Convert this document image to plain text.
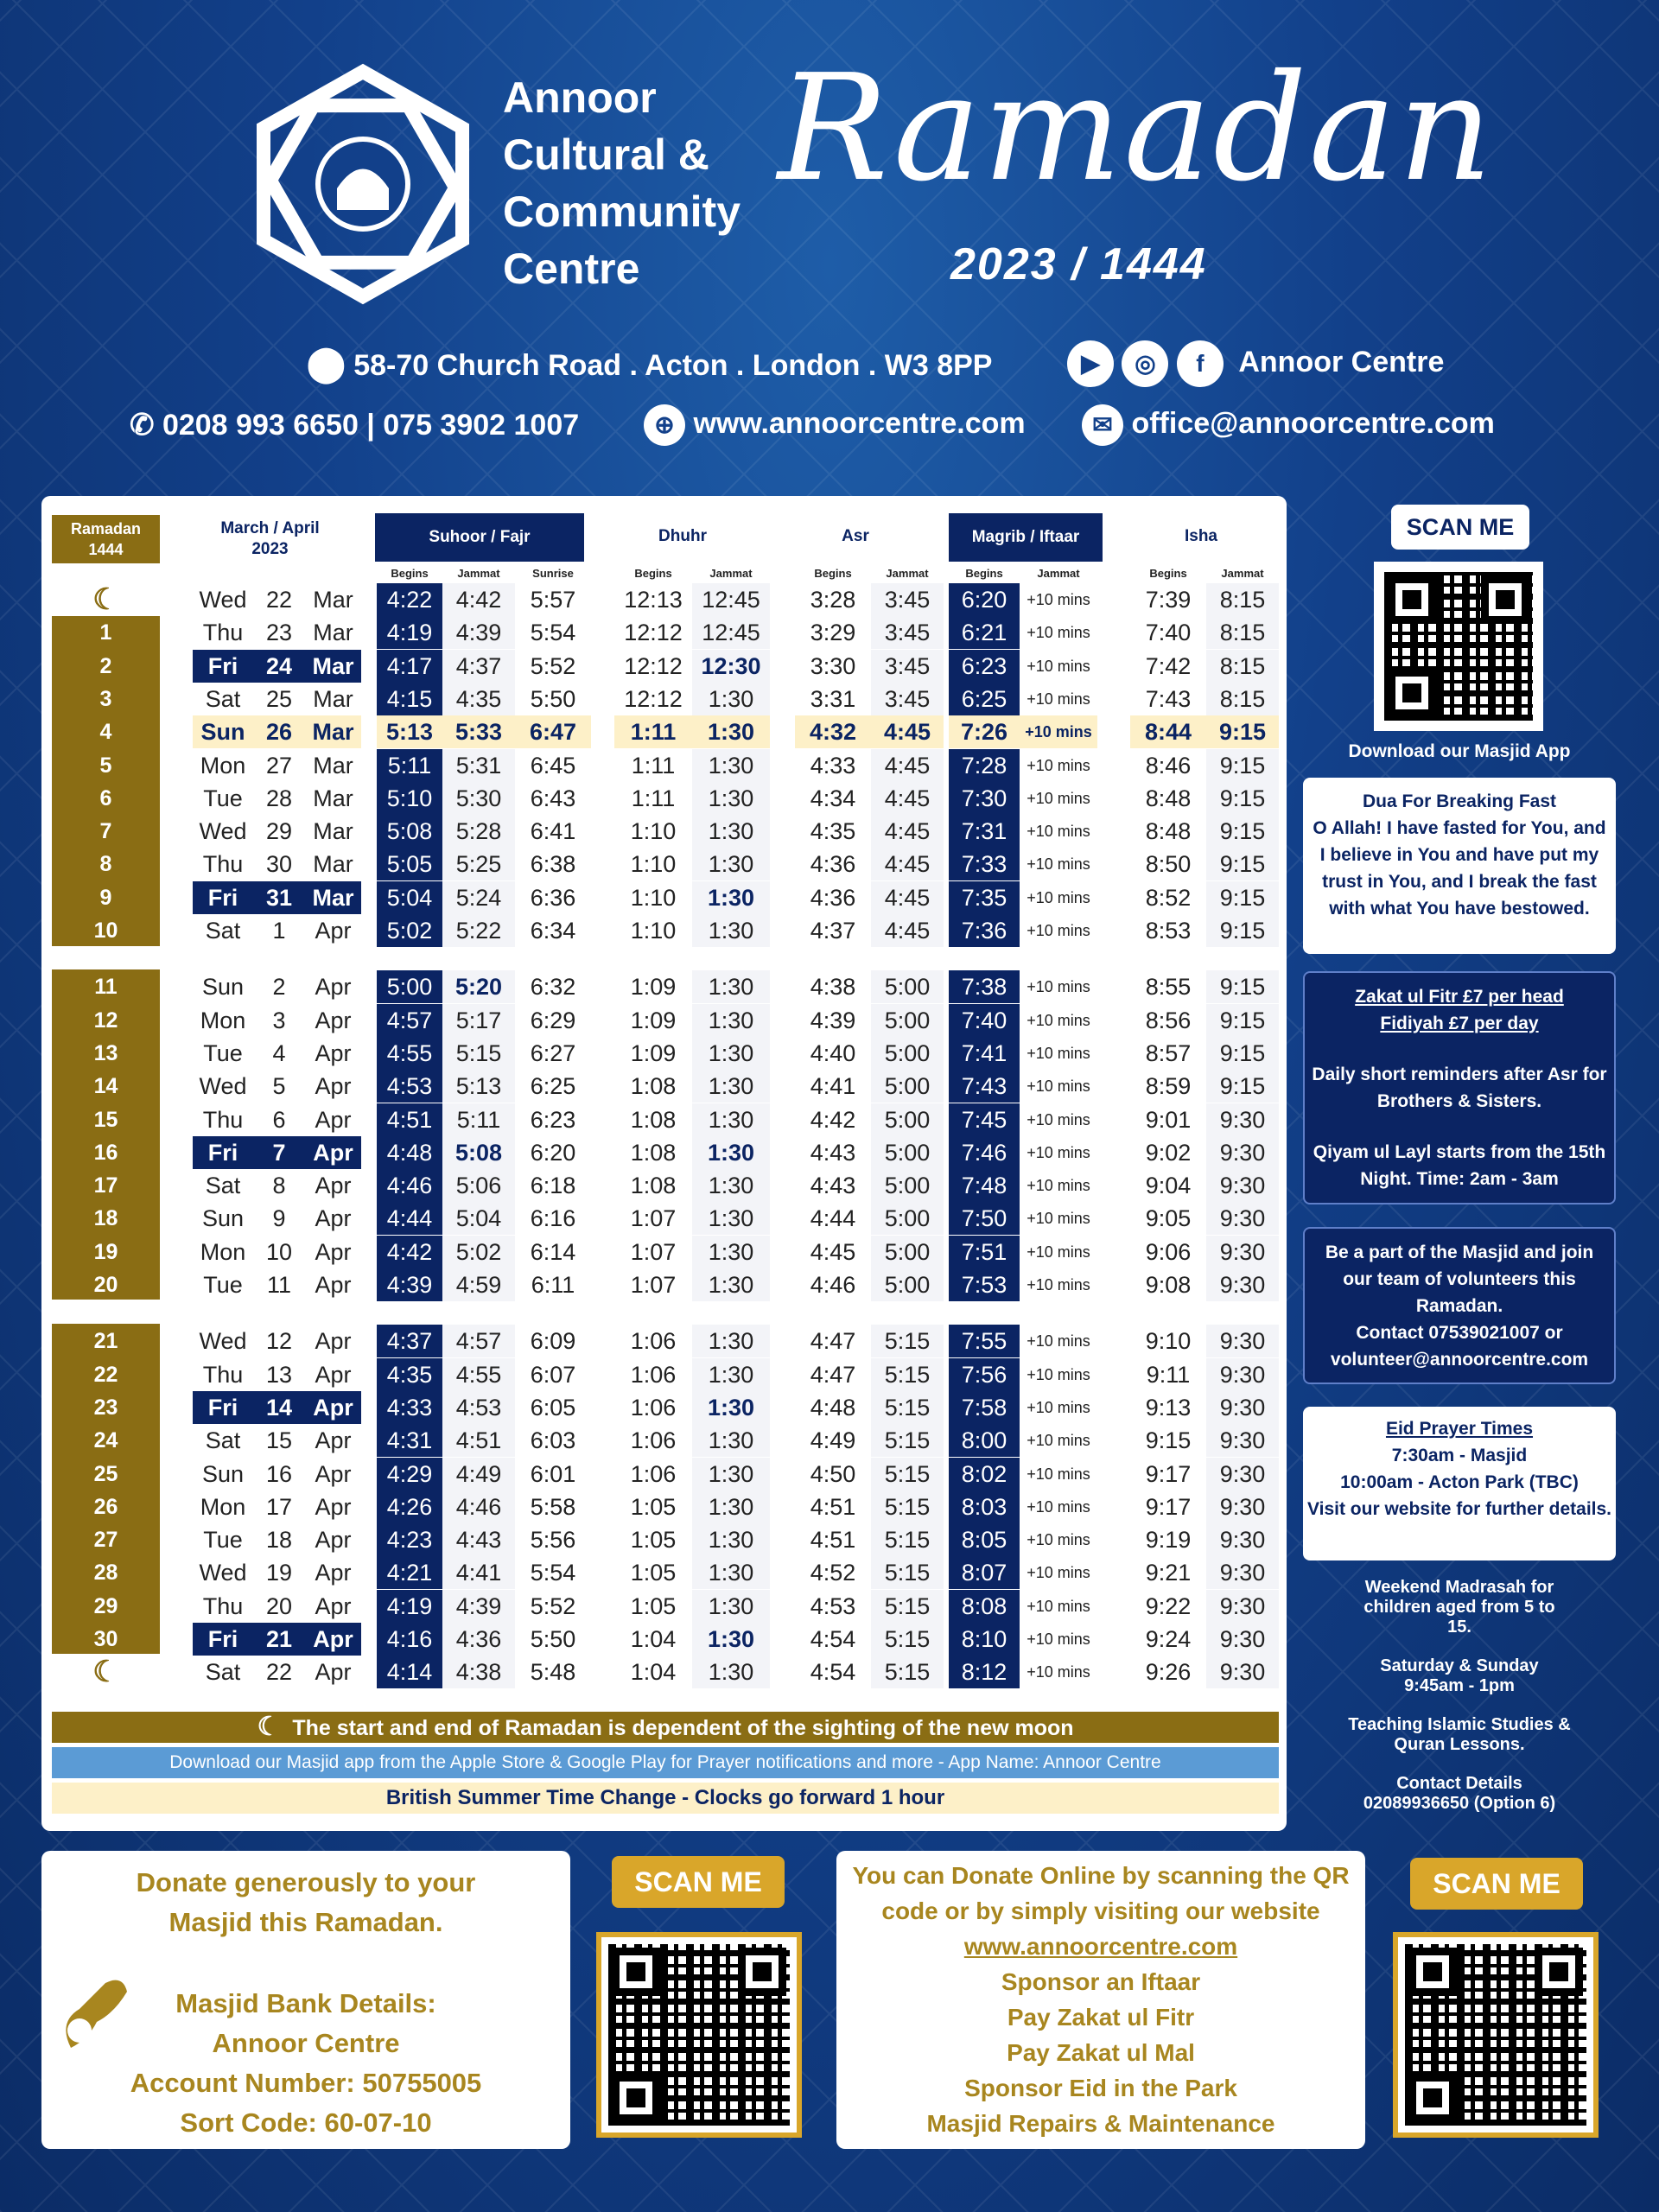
Annoor
Cultural &
Community
Centre
Ramadan
2023 / 1444
⬤ 58-70 Church Road . Acton . London . W3 8PP	▶ ◎ f Annoor Centre
✆ 0208 993 6650 | 075 3902 1007	⊕ www.annoorcentre.com	✉ office@annoorcentre.com
Ramadan
1444
March / April
2023
Suhoor / Fajr	Dhuhr	Asr	Magrib / Iftaar	Isha
Begins	Jammat	Sunrise	Begins	Jammat	Begins	Jammat	Begins	Jammat	Begins	Jammat
☾	Wed 22 Mar	4:22	4:42	5:57	12:13 12:45	3:28	3:45	6:20	+10 mins	7:39	8:15
1	Thu 23 Mar	4:19	4:39	5:54	12:12 12:45	3:29	3:45	6:21	+10 mins	7:40	8:15
2	Fri	24 Mar	4:17	4:37	5:52	12:12 12:30	3:30	3:45	6:23	+10 mins	7:42	8:15
3	Sat	25 Mar	4:15	4:35	5:50	12:12	1:30	3:31	3:45	6:25	+10 mins	7:43	8:15
4	Sun 26 Mar	5:13 5:33	6:47	1:11	1:30	4:32	4:45	7:26	+10 mins	8:44	9:15
5	Mon 27 Mar	5:11	5:31	6:45	1:11	1:30	4:33	4:45	7:28	+10 mins	8:46	9:15
6	Tue	28 Mar	5:10	5:30	6:43	1:11	1:30	4:34	4:45	7:30	+10 mins	8:48	9:15
7	Wed 29 Mar	5:08	5:28	6:41	1:10	1:30	4:35	4:45	7:31	+10 mins	8:48	9:15
8	Thu 30 Mar	5:05	5:25	6:38	1:10	1:30	4:36	4:45	7:33	+10 mins	8:50	9:15
9	Fri	31 Mar	5:04	5:24	6:36	1:10	1:30	4:36	4:45	7:35	+10 mins	8:52	9:15
10	Sat	1	Apr	5:02	5:22	6:34	1:10	1:30	4:37	4:45	7:36	+10 mins	8:53	9:15
11	Sun	2	Apr	5:00 5:20	6:32	1:09	1:30	4:38	5:00	7:38	+10 mins	8:55	9:15
12	Mon	3	Apr	4:57	5:17	6:29	1:09	1:30	4:39	5:00	7:40	+10 mins	8:56	9:15
13	Tue	4	Apr	4:55	5:15	6:27	1:09	1:30	4:40	5:00	7:41	+10 mins	8:57	9:15
14	Wed	5	Apr	4:53	5:13	6:25	1:08	1:30	4:41	5:00	7:43	+10 mins	8:59	9:15
15	Thu	6	Apr	4:51	5:11	6:23	1:08	1:30	4:42	5:00	7:45	+10 mins	9:01	9:30
16	Fri	7	Apr	4:48 5:08	6:20	1:08	1:30	4:43	5:00	7:46	+10 mins	9:02	9:30
17	Sat	8	Apr	4:46	5:06	6:18	1:08	1:30	4:43	5:00	7:48	+10 mins	9:04	9:30
18	Sun	9	Apr	4:44	5:04	6:16	1:07	1:30	4:44	5:00	7:50	+10 mins	9:05	9:30
19	Mon 10 Apr	4:42	5:02	6:14	1:07	1:30	4:45	5:00	7:51	+10 mins	9:06	9:30
20	Tue	11	Apr	4:39	4:59	6:11	1:07	1:30	4:46	5:00	7:53	+10 mins	9:08	9:30
21	Wed 12 Apr	4:37	4:57	6:09	1:06	1:30	4:47	5:15	7:55	+10 mins	9:10	9:30
22	Thu 13 Apr	4:35	4:55	6:07	1:06	1:30	4:47	5:15	7:56	+10 mins	9:11	9:30
23	Fri	14 Apr	4:33	4:53	6:05	1:06	1:30	4:48	5:15	7:58	+10 mins	9:13	9:30
24	Sat	15 Apr	4:31	4:51	6:03	1:06	1:30	4:49	5:15	8:00	+10 mins	9:15	9:30
25	Sun 16 Apr	4:29	4:49	6:01	1:06	1:30	4:50	5:15	8:02	+10 mins	9:17	9:30
26	Mon 17 Apr	4:26	4:46	5:58	1:05	1:30	4:51	5:15	8:03	+10 mins	9:17	9:30
27	Tue	18 Apr	4:23	4:43	5:56	1:05	1:30	4:51	5:15	8:05	+10 mins	9:19	9:30
28	Wed 19 Apr	4:21	4:41	5:54	1:05	1:30	4:52	5:15	8:07	+10 mins	9:21	9:30
29	Thu 20 Apr	4:19	4:39	5:52	1:05	1:30	4:53	5:15	8:08	+10 mins	9:22	9:30
30	Fri	21 Apr	4:16	4:36	5:50	1:04	1:30	4:54	5:15	8:10	+10 mins	9:24	9:30
☾	Sat	22 Apr	4:14	4:38	5:48	1:04	1:30	4:54	5:15	8:12	+10 mins	9:26	9:30
☾ The start and end of Ramadan is dependent of the sighting of the new moon
Download our Masjid app from the Apple Store & Google Play for Prayer notifications and more - App Name: Annoor Centre
British Summer Time Change - Clocks go forward 1 hour
SCAN ME
Download our Masjid App
Dua For Breaking Fast
O Allah! I have fasted for You, and I believe in You and have put my trust in You, and I break the fast with what You have bestowed.
Zakat ul Fitr £7 per head
Fidiyah £7 per day
Daily short reminders after Asr for Brothers & Sisters.
Qiyam ul Layl starts from the 15th Night. Time: 2am - 3am
Be a part of the Masjid and join our team of volunteers this Ramadan.
Contact 07539021007 or volunteer@annoorcentre.com
Eid Prayer Times
7:30am - Masjid
10:00am - Acton Park (TBC)
Visit our website for further details.
Weekend Madrasah for children aged from 5 to 15.
Saturday & Sunday 9:45am - 1pm
Teaching Islamic Studies & Quran Lessons.
Contact Details 02089936650 (Option 6)
Donate generously to your Masjid this Ramadan.
Masjid Bank Details:
Annoor Centre
Account Number: 50755005
Sort Code: 60-07-10
SCAN ME	You can Donate Online by scanning the QR code or by simply visiting our website
www.annoorcentre.com
Sponsor an Iftaar
Pay Zakat ul Fitr
Pay Zakat ul Mal
Sponsor Eid in the Park
Masjid Repairs & Maintenance
SCAN ME
